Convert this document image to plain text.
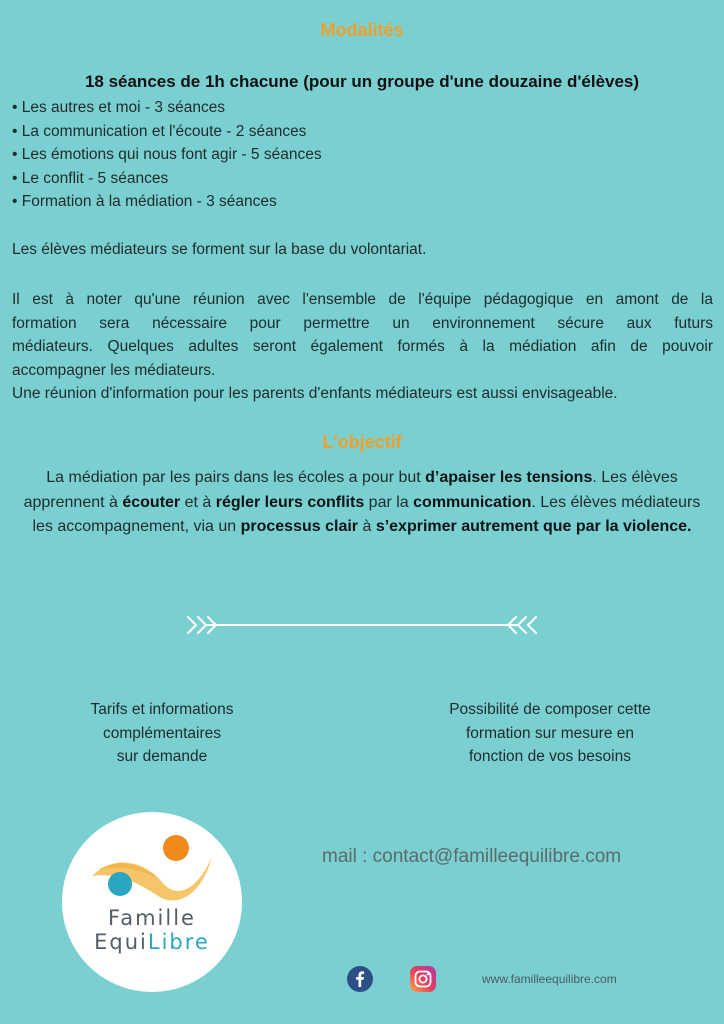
Modalités
18 séances de 1h chacune (pour un groupe d'une douzaine d'élèves)
• Les autres et moi - 3 séances
• La communication et l'écoute - 2 séances
• Les émotions qui nous font agir - 5 séances
• Le conflit - 5 séances
• Formation à la médiation - 3 séances
Les élèves médiateurs se forment sur la base du volontariat.
Il est à noter qu'une réunion avec l'ensemble de l'équipe pédagogique en amont de la
formation sera nécessaire pour permettre un environnement sécure aux futurs
médiateurs. Quelques adultes seront également formés à la médiation afin de pouvoir
accompagner les médiateurs.
Une réunion d'information pour les parents d'enfants médiateurs est aussi envisageable.
L'objectif
La médiation par les pairs dans les écoles a pour but d’apaiser les tensions. Les élèves apprennent à écouter et à régler leurs conflits par la communication. Les élèves médiateurs les accompagnement, via un processus clair à s’exprimer autrement que par la violence.
Tarifs et informations
complémentaires
sur demande
Possibilité de composer cette
formation sur mesure en
fonction de vos besoins
Famille
EquiLibre
mail : contact@familleequilibre.com
www.familleequilibre.com
